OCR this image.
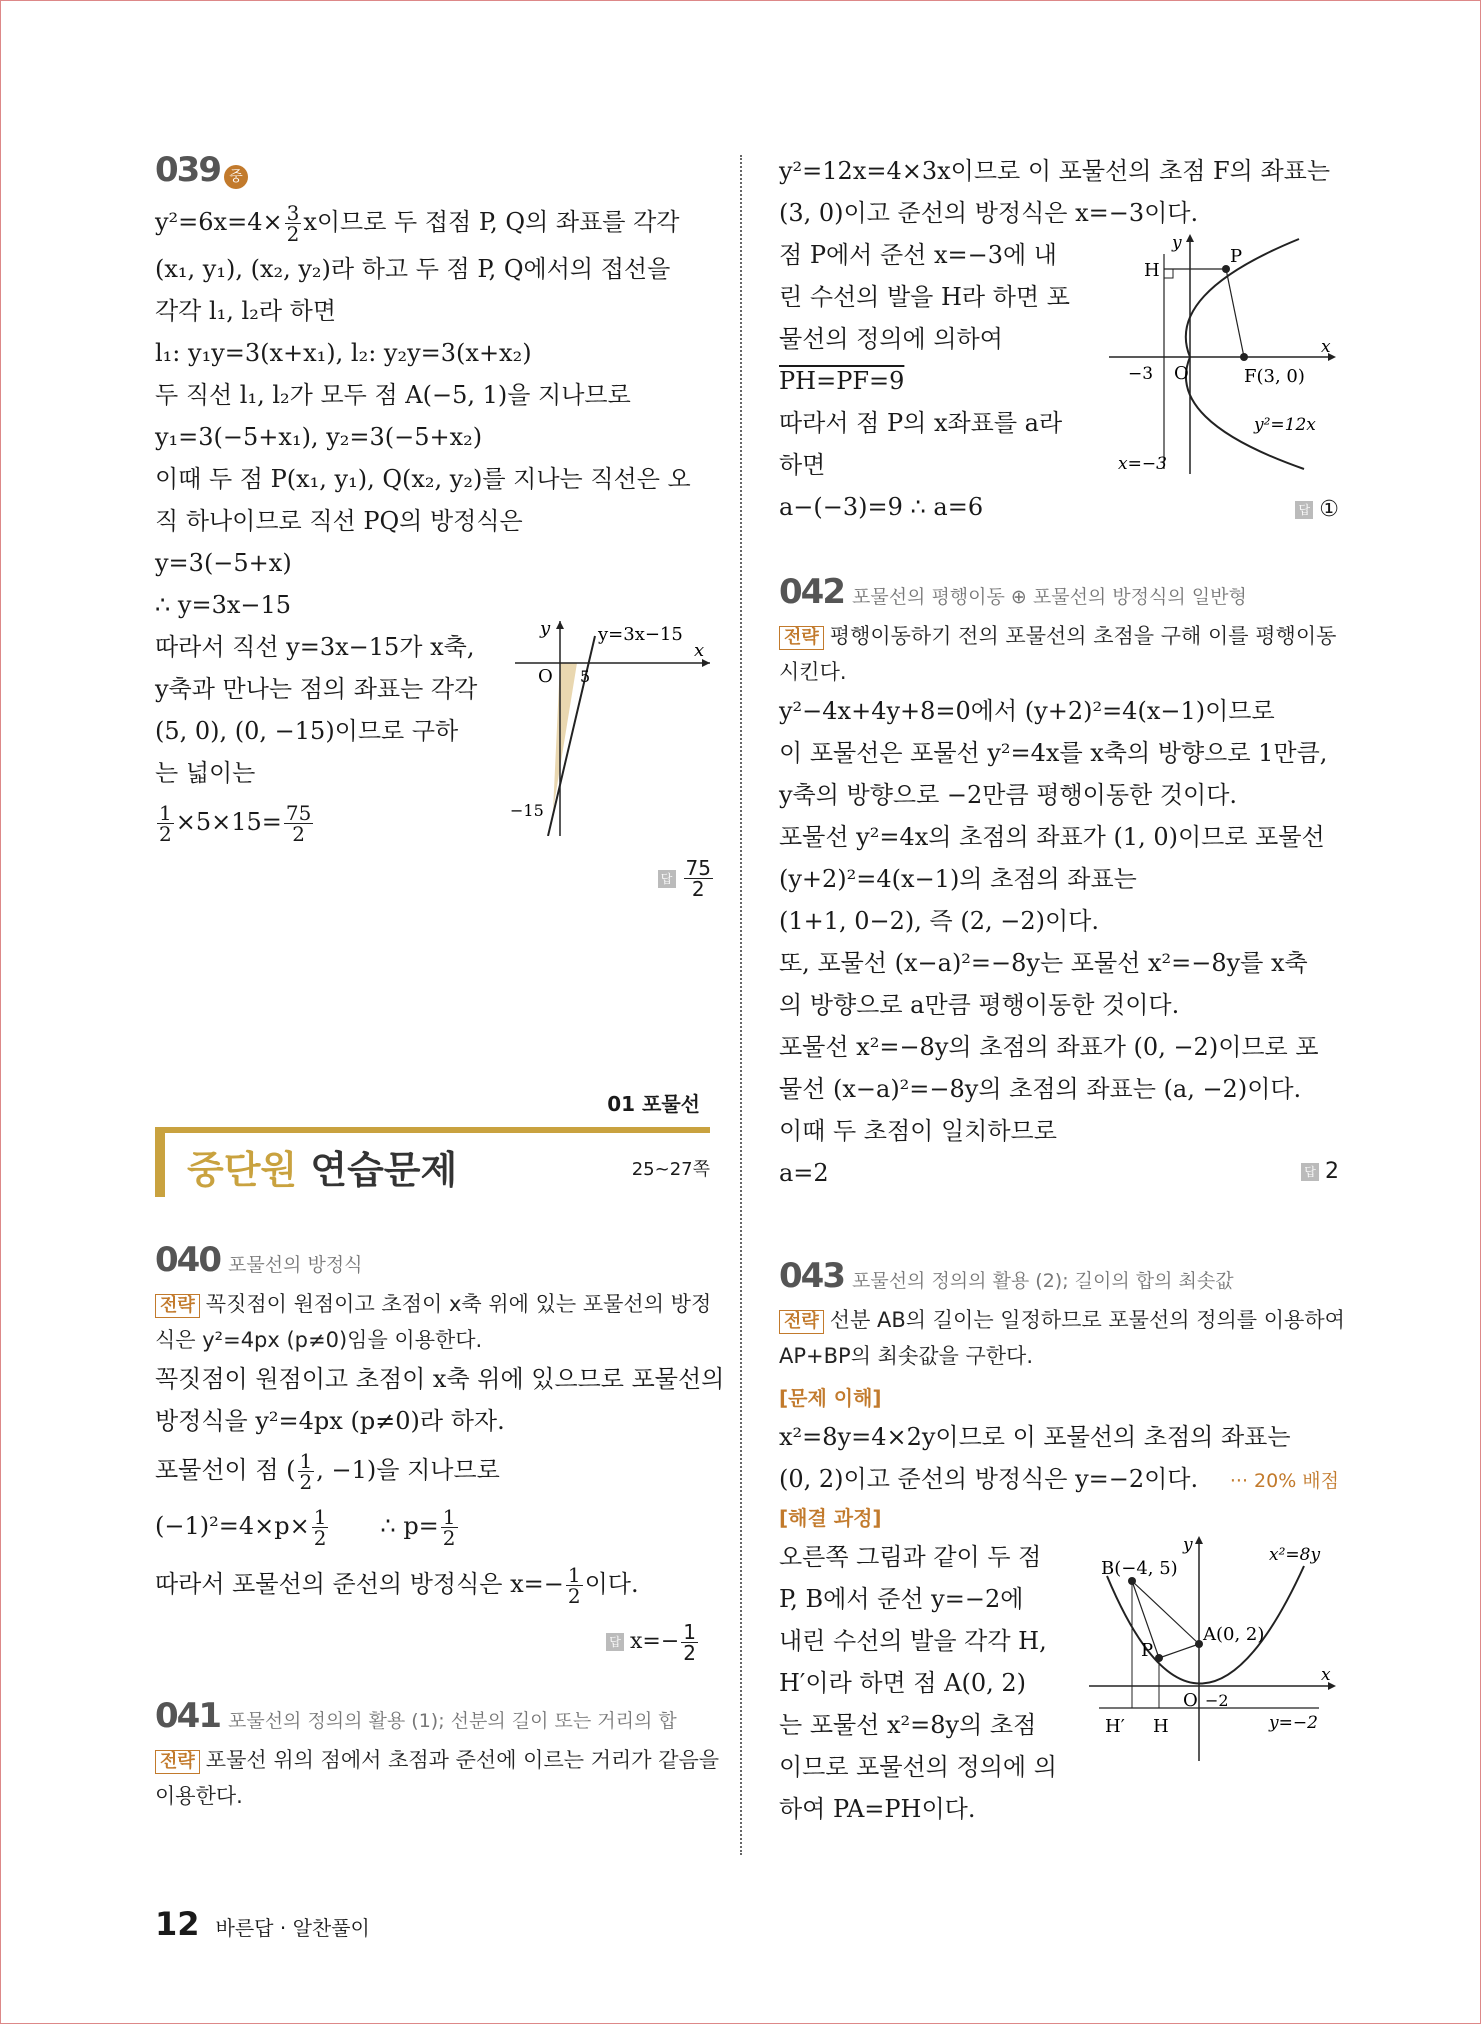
039 중
$y^2=6x=4\times \frac{3}{2}$ x이므로 두 접점 P, Q의 좌표를 각각
(x₁, y₁), (x₂, y₂)라 하고 두 점 P, Q에서의 접선을
각각 l₁, l₂라 하면
l₁: y₁y=3(x+x₁), l₂: y₂y=3(x+x₂)
두 직선 l₁, l₂가 모두 점 A(−5, 1)을 지나므로
y₁=3(−5+x₁), y₂=3(−5+x₂)
이때 두 점 P(x₁, y₁), Q(x₂, y₂)를 지나는 직선은 오
직 하나이므로 직선 PQ의 방정식은
y=3(−5+x)
∴ y=3x−15
따라서 직선 y=3x−15가 x축,
y축과 만나는 점의 좌표는 각각
(5, 0), (0, −15)이므로 구하
는 넓이는
y=3x−15
O 5
−15
x
y
$\frac{1}{2} \times 5\times 15= \frac{75}{2}$
답 $\frac{75}{2}$
01 포물선
중단원 연습문제	25~27쪽
040 포물선의 방정식
전략 꼭짓점이 원점이고 초점이 x축 위에 있는 포물선의 방정
식은 y²=4px (p≠0)임을 이용한다.
꼭짓점이 원점이고 초점이 x축 위에 있으므로 포물선의
방정식을 y²=4px (p≠0)라 하자.
포물선이 점 ( $\frac{1}{2}$ , −1)을 지나므로
$(-1)^2=4\times p\times \frac{1}{2}$ ∴ $p= \frac{1}{2}$
따라서 포물선의 준선의 방정식은 $x=- \frac{1}{2}$ 이다.
답 $x=- \frac{1}{2}$
041 포물선의 정의의 활용 (1); 선분의 길이 또는 거리의 합
전략 포물선 위의 점에서 초점과 준선에 이르는 거리가 같음을
이용한다.
y²=12x=4×3x이므로 이 포물선의 초점 F의 좌표는
(3, 0)이고 준선의 방정식은 x=−3이다.
점 P에서 준선 x=−3에 내
린 수선의 발을 H라 하면 포
물선의 정의에 의하여
PH=PF=9
따라서 점 P의 x좌표를 a라
하면
a−(−3)=9 ∴ a=6
H
P
y
x
O
−3	F(3, 0)
y²=12x
x=−3
답 ①
042 포물선의 평행이동 ⊕ 포물선의 방정식의 일반형
전략 평행이동하기 전의 포물선의 초점을 구해 이를 평행이동
시킨다.
y²−4x+4y+8=0에서 (y+2)²=4(x−1)이므로
이 포물선은 포물선 y²=4x를 x축의 방향으로 1만큼,
y축의 방향으로 −2만큼 평행이동한 것이다.
포물선 y²=4x의 초점의 좌표가 (1, 0)이므로 포물선
(y+2)²=4(x−1)의 초점의 좌표는
(1+1, 0−2), 즉 (2, −2)이다.
또, 포물선 (x−a)²=−8y는 포물선 x²=−8y를 x축
의 방향으로 a만큼 평행이동한 것이다.
포물선 x²=−8y의 초점의 좌표가 (0, −2)이므로 포
물선 (x−a)²=−8y의 초점의 좌표는 (a, −2)이다.
이때 두 초점이 일치하므로
a=2	답 2
043 포물선의 정의의 활용 (2); 길이의 합의 최솟값
전략 선분 AB의 길이는 일정하므로 포물선의 정의를 이용하여
AP+BP의 최솟값을 구한다.
[문제 이해]
x²=8y=4×2y이므로 이 포물선의 초점의 좌표는
(0, 2)이고 준선의 방정식은 y=−2이다.	··· 20% 배점
[해결 과정]
오른쪽 그림과 같이 두 점
P, B에서 준선 y=−2에
내린 수선의 발을 각각 H,
H′이라 하면 점 A(0, 2)
는 포물선 x²=8y의 초점
이므로 포물선의 정의에 의
하여 PA=PH이다.
B(−4, 5)
A(0, 2)
P
O −2
H′ H
x²=8y
y=−2
x
y
12 바른답 · 알찬풀이
